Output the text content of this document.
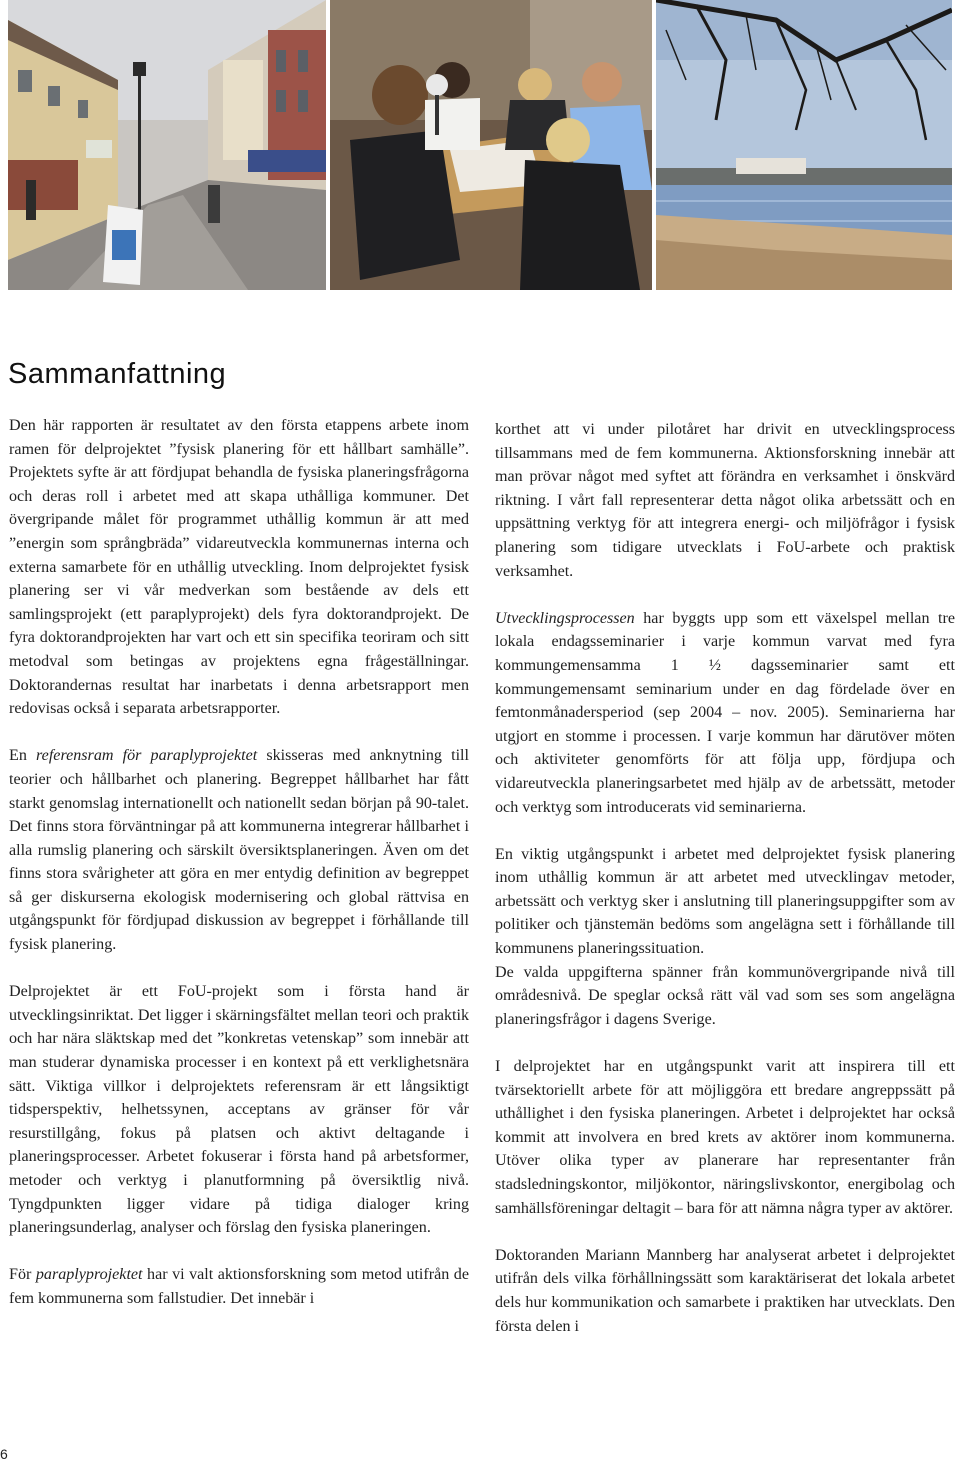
Sammanfattning

Den här rapporten är resultatet av den första etappens arbete inom ramen för delprojektet ”fysisk planering för ett hållbart samhälle”. Projektets syfte är att fördjupat behandla de fysiska planeringsfrågorna och deras roll i arbetet med att skapa uthålliga kommuner. Det övergripande målet för programmet uthållig kommun är att med ”energin som språngbräda” vidareutveckla kommunernas interna och externa samarbete för en uthållig utveckling. Inom delprojektet fysisk planering ser vi vår medverkan som bestående av dels ett samlingsprojekt (ett paraplyprojekt) dels fyra doktorandprojekt. De fyra doktorandprojekten har vart och ett sin specifika teoriram och sitt metodval som betingas av projektens egna frågeställningar. Doktorandernas resultat har inarbetats i denna arbetsrapport men redovisas också i separata arbetsrapporter.

En referensram för paraplyprojektet skisseras med anknytning till teorier och hållbarhet och planering. Begreppet hållbarhet har fått starkt genomslag internationellt och nationellt sedan början på 90-talet. Det finns stora förväntningar på att kommunerna integrerar hållbarhet i alla rumslig planering och särskilt översiktsplaneringen. Även om det finns stora svårigheter att göra en mer entydig definition av begreppet så ger diskurserna ekologisk modernisering och global rättvisa en utgångspunkt för fördjupad diskussion av begreppet i förhållande till fysisk planering.

Delprojektet är ett FoU-projekt som i första hand är utvecklingsinriktat. Det ligger i skärningsfältet mellan teori och praktik och har nära släktskap med det ”konkretas vetenskap” som innebär att man studerar dynamiska processer i en kontext på ett verklighetsnära sätt. Viktiga villkor i delprojektets referensram är ett långsiktigt tidsperspektiv, helhetssynen, acceptans av gränser för vår resurstillgång, fokus på platsen och aktivt deltagande i planeringsprocesser. Arbetet fokuserar i första hand på arbetsformer, metoder och verktyg i planutformning på översiktlig nivå. Tyngdpunkten ligger vidare på tidiga dialoger kring planeringsunderlag, analyser och förslag den fysiska planeringen.

För paraplyprojektet har vi valt aktionsforskning som metod utifrån de fem kommunerna som fallstudier. Det innebär i

korthet att vi under pilotåret har drivit en utvecklingsprocess tillsammans med de fem kommunerna. Aktionsforskning innebär att man prövar något med syftet att förändra en verksamhet i önskvärd riktning. I vårt fall representerar detta något olika arbetssätt och en uppsättning verktyg för att integrera energi- och miljöfrågor i fysisk planering som tidigare utvecklats i FoU-arbete och praktisk verksamhet.

Utvecklingsprocessen har byggts upp som ett växelspel mellan tre lokala endagsseminarier i varje kommun varvat med fyra kommungemensamma 1 ½ dagsseminarier samt ett kommungemensamt seminarium under en dag fördelade över en femtonmånadersperiod (sep 2004 – nov. 2005). Seminarierna har utgjort en stomme i processen. I varje kommun har därutöver möten och aktiviteter genomförts för att följa upp, fördjupa och vidareutveckla planeringsarbetet med hjälp av de arbetssätt, metoder och verktyg som introducerats vid seminarierna.

En viktig utgångspunkt i arbetet med delprojektet fysisk planering inom uthållig kommun är att arbetet med utvecklingav metoder, arbetssätt och verktyg sker i anslutning till planeringsuppgifter som av politiker och tjänstemän bedöms som angelägna sett i förhållande till kommunens planeringssituation.

De valda uppgifterna spänner från kommunövergripande nivå till områdesnivå. De speglar också rätt väl vad som ses som angelägna planeringsfrågor i dagens Sverige.

I delprojektet har en utgångspunkt varit att inspirera till ett tvärsektoriellt arbete för att möjliggöra ett bredare angreppssätt på uthållighet i den fysiska planeringen. Arbetet i delprojektet har också kommit att involvera en bred krets av aktörer inom kommunerna. Utöver olika typer av planerare har representanter från stadsledningskontor, miljökontor, näringslivskontor, energibolag och samhällsföreningar deltagit – bara för att nämna några typer av aktörer.

Doktoranden Mariann Mannberg har analyserat arbetet i delprojektet utifrån dels vilka förhållningssätt som karaktäriserat det lokala arbetet dels hur kommunikation och samarbete i praktiken har utvecklats. Den första delen i

6
